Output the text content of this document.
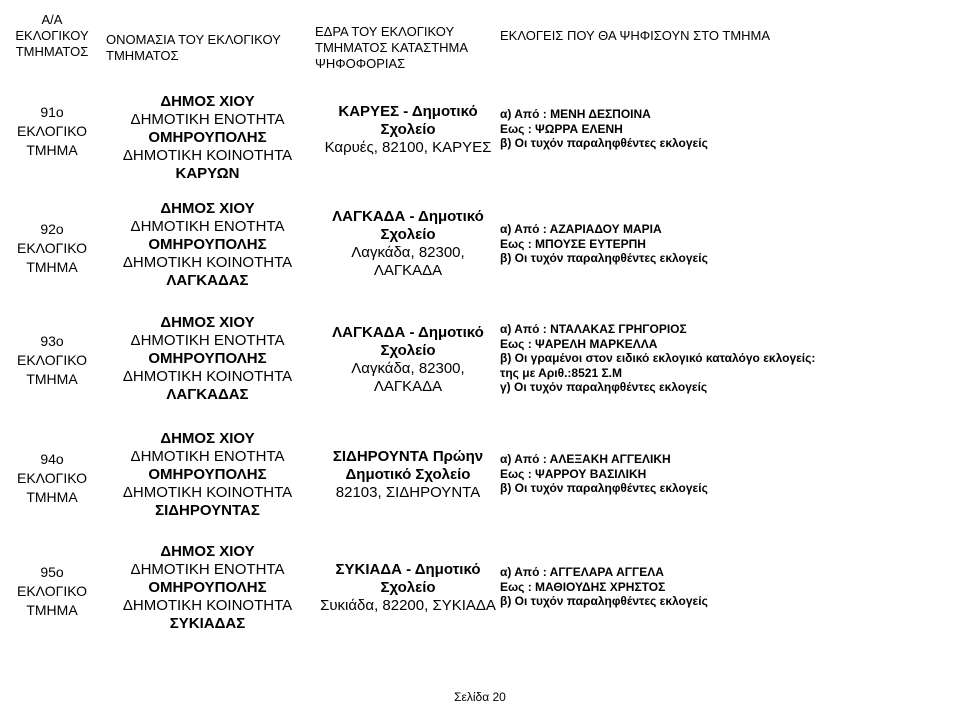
Α/Α
ΕΚΛΟΓΙΚΟΥ
ΤΜΗΜΑΤΟΣ
ΟΝΟΜΑΣΙΑ ΤΟΥ ΕΚΛΟΓΙΚΟΥ
ΤΜΗΜΑΤΟΣ
ΕΔΡΑ ΤΟΥ ΕΚΛΟΓΙΚΟΥ
ΤΜΗΜΑΤΟΣ ΚΑΤΑΣΤΗΜΑ
ΨΗΦΟΦΟΡΙΑΣ
ΕΚΛΟΓΕΙΣ ΠΟΥ ΘΑ ΨΗΦΙΣΟΥΝ ΣΤΟ ΤΜΗΜΑ
91ο
ΕΚΛΟΓΙΚΟ
ΤΜΗΜΑ
ΔΗΜΟΣ ΧΙΟΥ
ΔΗΜΟΤΙΚΗ ΕΝΟΤΗΤΑ
ΟΜΗΡΟΥΠΟΛΗΣ
ΔΗΜΟΤΙΚΗ ΚΟΙΝΟΤΗΤΑ
ΚΑΡΥΩΝ
ΚΑΡΥΕΣ - Δημοτικό
Σχολείο
Καρυές, 82100, ΚΑΡΥΕΣ
α) Από : ΜΕΝΗ ΔΕΣΠΟΙΝΑ
Εως : ΨΩΡΡΑ ΕΛΕΝΗ
β) Οι τυχόν παραληφθέντες εκλογείς
92ο
ΕΚΛΟΓΙΚΟ
ΤΜΗΜΑ
ΔΗΜΟΣ ΧΙΟΥ
ΔΗΜΟΤΙΚΗ ΕΝΟΤΗΤΑ
ΟΜΗΡΟΥΠΟΛΗΣ
ΔΗΜΟΤΙΚΗ ΚΟΙΝΟΤΗΤΑ
ΛΑΓΚΑΔΑΣ
ΛΑΓΚΑΔΑ - Δημοτικό
Σχολείο
Λαγκάδα, 82300,
ΛΑΓΚΑΔΑ
α) Από : ΑΖΑΡΙΑΔΟΥ ΜΑΡΙΑ
Εως : ΜΠΟΥΣΕ ΕΥΤΕΡΠΗ
β) Οι τυχόν παραληφθέντες εκλογείς
93ο
ΕΚΛΟΓΙΚΟ
ΤΜΗΜΑ
ΔΗΜΟΣ ΧΙΟΥ
ΔΗΜΟΤΙΚΗ ΕΝΟΤΗΤΑ
ΟΜΗΡΟΥΠΟΛΗΣ
ΔΗΜΟΤΙΚΗ ΚΟΙΝΟΤΗΤΑ
ΛΑΓΚΑΔΑΣ
ΛΑΓΚΑΔΑ - Δημοτικό
Σχολείο
Λαγκάδα, 82300,
ΛΑΓΚΑΔΑ
α) Από : ΝΤΑΛΑΚΑΣ ΓΡΗΓΟΡΙΟΣ
Εως : ΨΑΡΕΛΗ ΜΑΡΚΕΛΛΑ
β) Οι γραμένοι στον ειδικό εκλογικό καταλόγο εκλογείς:
της με Αριθ.:8521 Σ.Μ
γ) Οι τυχόν παραληφθέντες εκλογείς
94ο
ΕΚΛΟΓΙΚΟ
ΤΜΗΜΑ
ΔΗΜΟΣ ΧΙΟΥ
ΔΗΜΟΤΙΚΗ ΕΝΟΤΗΤΑ
ΟΜΗΡΟΥΠΟΛΗΣ
ΔΗΜΟΤΙΚΗ ΚΟΙΝΟΤΗΤΑ
ΣΙΔΗΡΟΥΝΤΑΣ
ΣΙΔΗΡΟΥΝΤΑ Πρώην
Δημοτικό Σχολείο
82103, ΣΙΔΗΡΟΥΝΤΑ
α) Από : ΑΛΕΞΑΚΗ ΑΓΓΕΛΙΚΗ
Εως : ΨΑΡΡΟΥ ΒΑΣΙΛΙΚΗ
β) Οι τυχόν παραληφθέντες εκλογείς
95ο
ΕΚΛΟΓΙΚΟ
ΤΜΗΜΑ
ΔΗΜΟΣ ΧΙΟΥ
ΔΗΜΟΤΙΚΗ ΕΝΟΤΗΤΑ
ΟΜΗΡΟΥΠΟΛΗΣ
ΔΗΜΟΤΙΚΗ ΚΟΙΝΟΤΗΤΑ
ΣΥΚΙΑΔΑΣ
ΣΥΚΙΑΔΑ - Δημοτικό
Σχολείο
Συκιάδα, 82200, ΣΥΚΙΑΔΑ
α) Από : ΑΓΓΕΛΑΡΑ ΑΓΓΕΛΑ
Εως : ΜΑΘΙΟΥΔΗΣ ΧΡΗΣΤΟΣ
β) Οι τυχόν παραληφθέντες εκλογείς
Σελίδα 20
